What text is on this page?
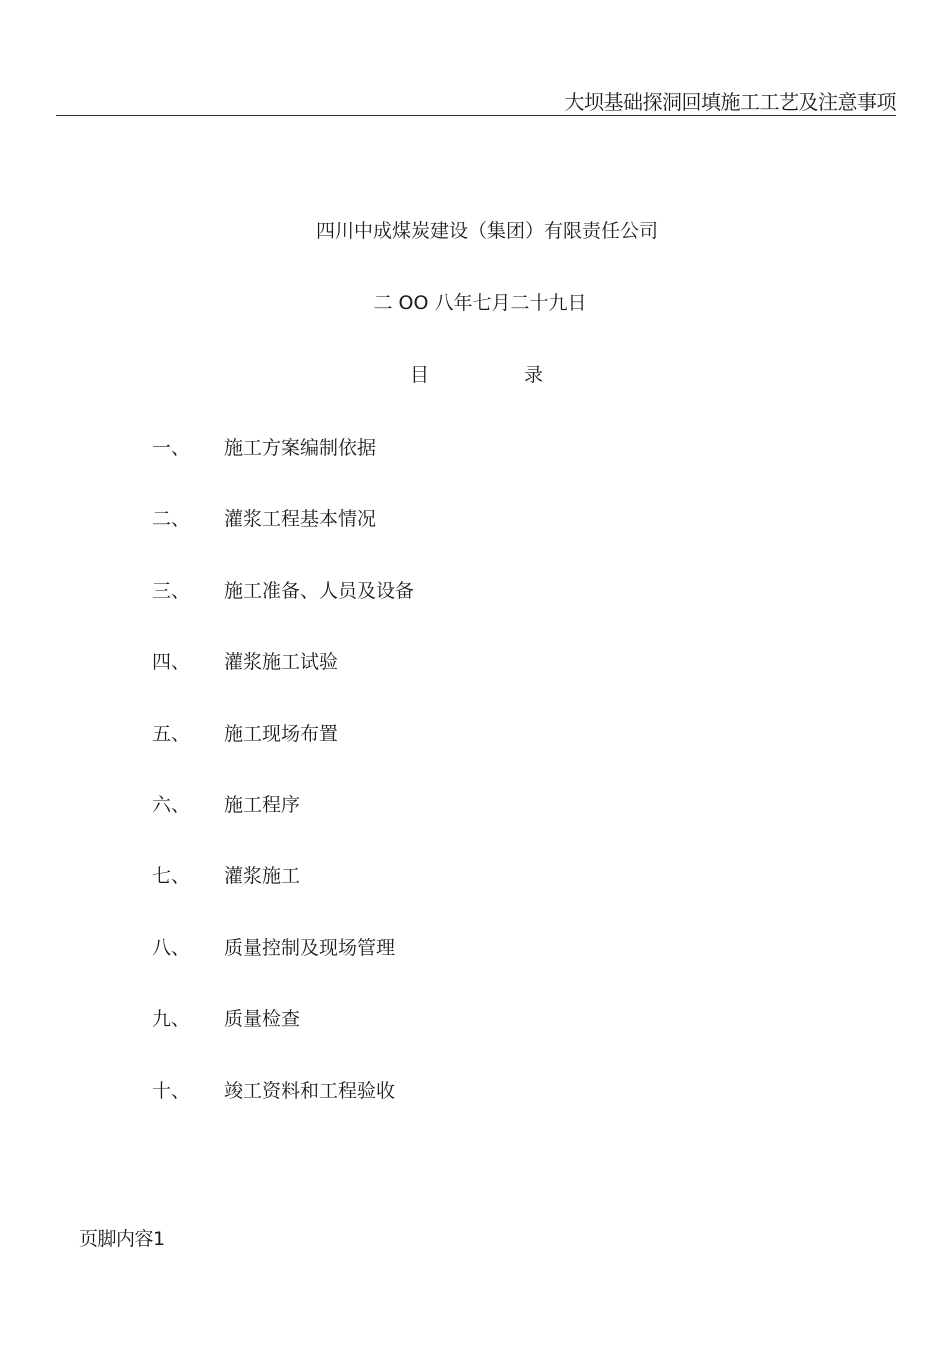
大坝基础探洞回填施工工艺及注意事项
四川中成煤炭建设（集团）有限责任公司
二 OO 八年七月二十九日
目	录
一、 施工方案编制依据
二、 灌浆工程基本情况
三、 施工准备、人员及设备
四、 灌浆施工试验
五、 施工现场布置
六、 施工程序
七、 灌浆施工
八、 质量控制及现场管理
九、 质量检查
十、 竣工资料和工程验收
页脚内容1
